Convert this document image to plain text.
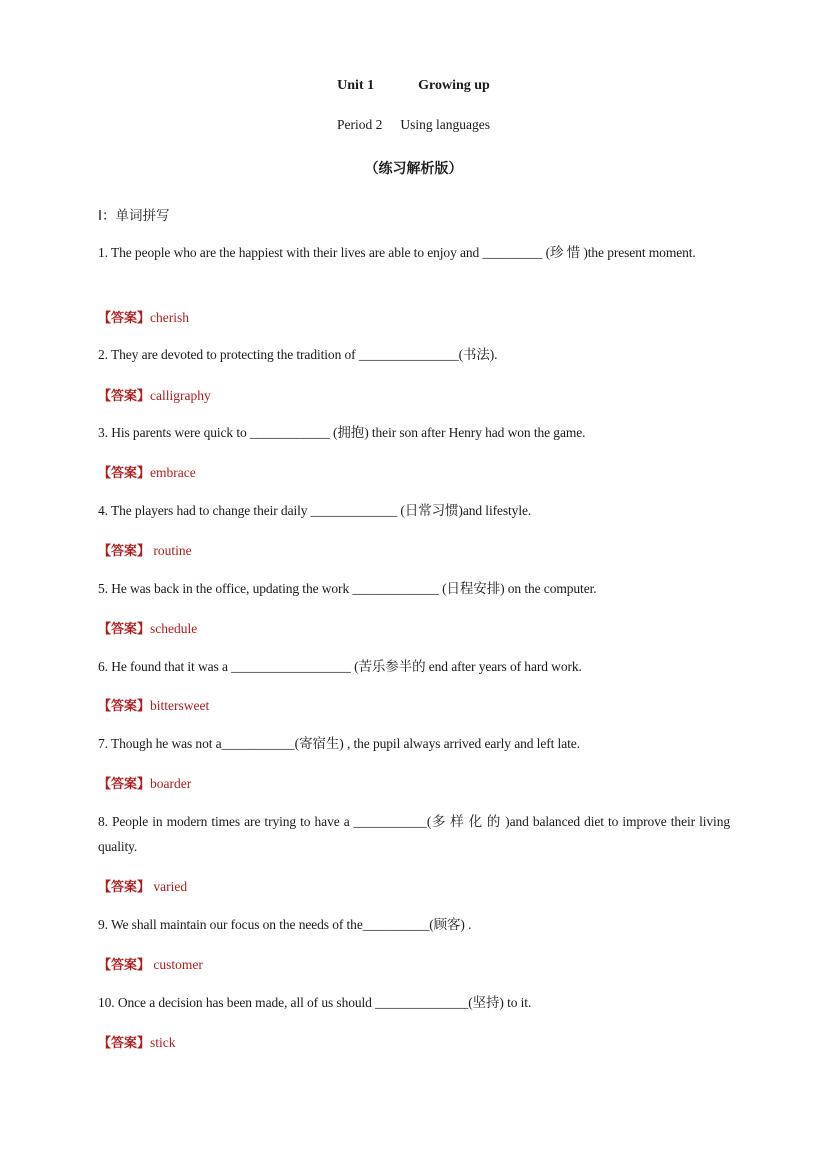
Unit 1	Growing up
Period 2 Using languages
（练习解析版）
Ⅰ：单词拼写
1. The people who are the happiest with their lives are able to enjoy and _________ (珍 惜 )the present moment.
【答案】cherish
2. They are devoted to protecting the tradition of _______________(书法).
【答案】calligraphy
3. His parents were quick to ____________ (拥抱) their son after Henry had won the game.
【答案】embrace
4. The players had to change their daily _____________ (日常习惯)and lifestyle.
【答案】 routine
5. He was back in the office, updating the work _____________ (日程安排) on the computer.
【答案】schedule
6. He found that it was a __________________ (苦乐参半的 end after years of hard work.
【答案】bittersweet
7. Though he was not a___________(寄宿生) , the pupil always arrived early and left late.
【答案】boarder
8. People in modern times are trying to have a ___________(多 样 化 的 )and balanced diet to improve their living quality.
【答案】 varied
9. We shall maintain our focus on the needs of the__________(顾客) .
【答案】 customer
10. Once a decision has been made, all of us should ______________(坚持) to it.
【答案】stick
